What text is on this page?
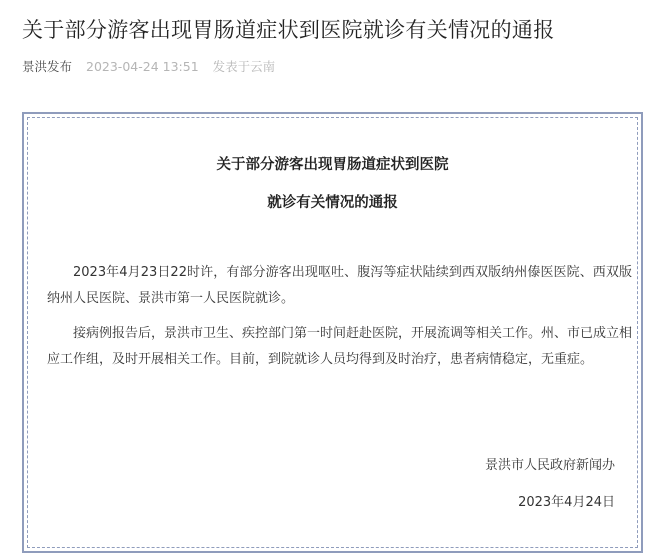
关于部分游客出现胃肠道症状到医院就诊有关情况的通报
景洪发布 2023-04-24 13:51 发表于云南
关于部分游客出现胃肠道症状到医院
就诊有关情况的通报

2023年4月23日22时许，有部分游客出现呕吐、腹泻等症状陆续到西双版纳州傣医医院、西双版纳州人民医院、景洪市第一人民医院就诊。

接病例报告后，景洪市卫生、疾控部门第一时间赶赴医院，开展流调等相关工作。州、市已成立相应工作组，及时开展相关工作。目前，到院就诊人员均得到及时治疗，患者病情稳定，无重症。

景洪市人民政府新闻办
2023年4月24日
